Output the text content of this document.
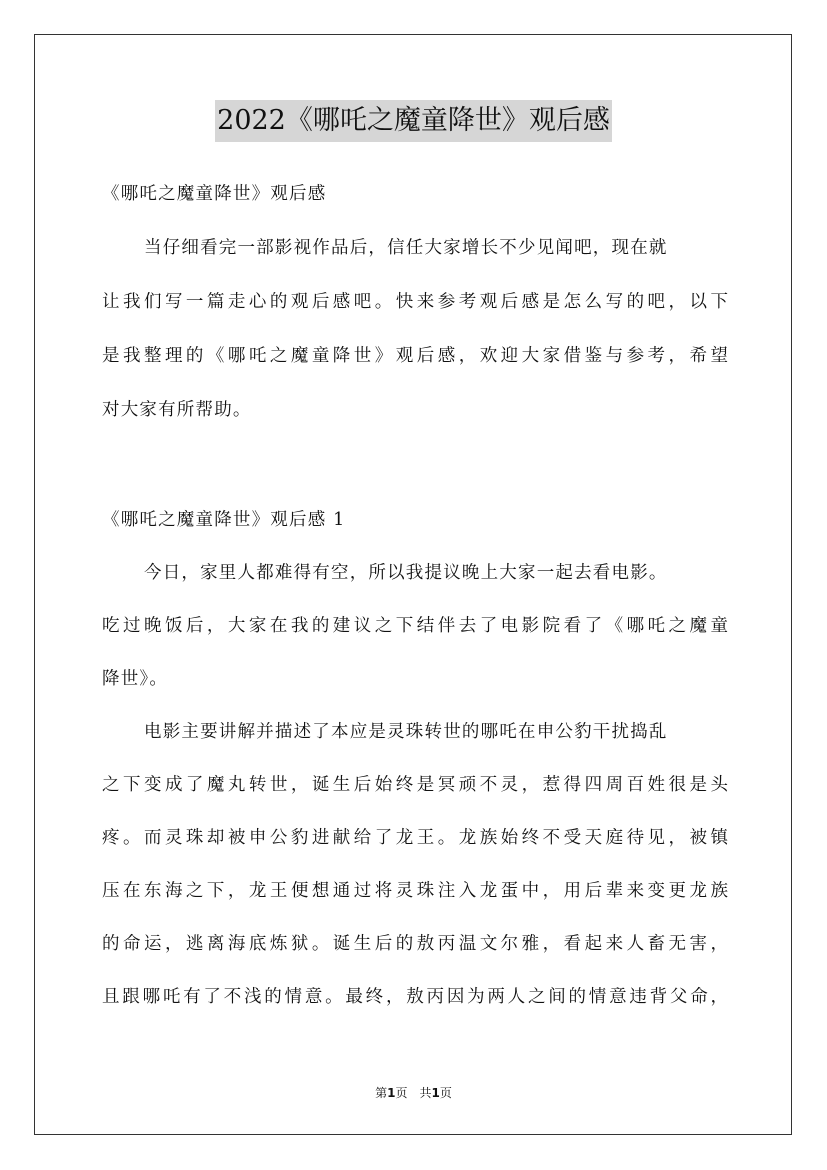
2022《哪吒之魔童降世》观后感
《哪吒之魔童降世》观后感
当仔细看完一部影视作品后，信任大家增长不少见闻吧，现在就
让我们写一篇走心的观后感吧。快来参考观后感是怎么写的吧，以下
是我整理的《哪吒之魔童降世》观后感，欢迎大家借鉴与参考，希望
对大家有所帮助。
《哪吒之魔童降世》观后感 1
今日，家里人都难得有空，所以我提议晚上大家一起去看电影。
吃过晚饭后，大家在我的建议之下结伴去了电影院看了《哪吒之魔童
降世》。
电影主要讲解并描述了本应是灵珠转世的哪吒在申公豹干扰捣乱
之下变成了魔丸转世，诞生后始终是冥顽不灵，惹得四周百姓很是头
疼。而灵珠却被申公豹进献给了龙王。龙族始终不受天庭待见，被镇
压在东海之下，龙王便想通过将灵珠注入龙蛋中，用后辈来变更龙族
的命运，逃离海底炼狱。诞生后的敖丙温文尔雅，看起来人畜无害，
且跟哪吒有了不浅的情意。最终，敖丙因为两人之间的情意违背父命，
第1页　共1页
